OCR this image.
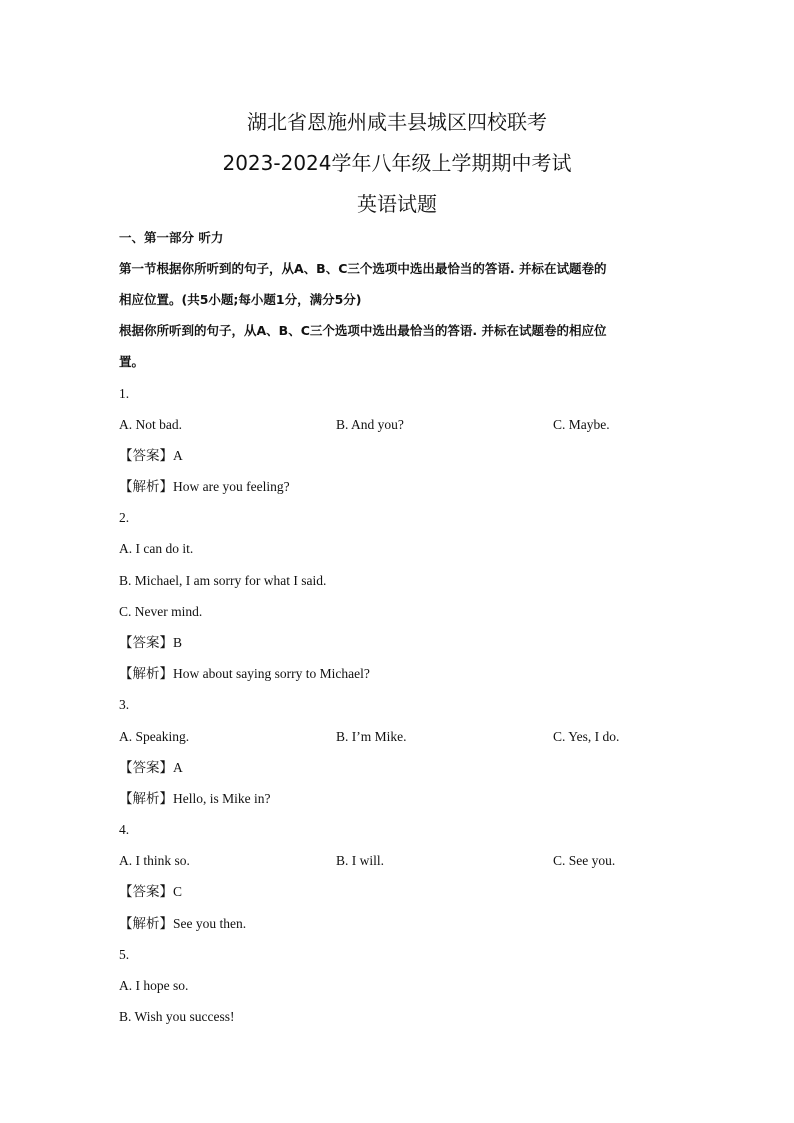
湖北省恩施州咸丰县城区四校联考
2023-2024学年八年级上学期期中考试
英语试题
一、第一部分 听力
第一节根据你所听到的句子，从A、B、C三个选项中选出最恰当的答语. 并标在试题卷的
相应位置。(共5小题;每小题1分，满分5分)
根据你所听到的句子，从A、B、C三个选项中选出最恰当的答语. 并标在试题卷的相应位
置。
1.
A. Not bad.	B. And you?	C. Maybe.
【答案】A
【解析】How are you feeling?
2.
A. I can do it.
B. Michael, I am sorry for what I said.
C. Never mind.
【答案】B
【解析】How about saying sorry to Michael?
3.
A. Speaking.	B. I’m Mike.	C. Yes, I do.
【答案】A
【解析】Hello, is Mike in?
4.
A. I think so.	B. I will.	C. See you.
【答案】C
【解析】See you then.
5.
A. I hope so.
B. Wish you success!
